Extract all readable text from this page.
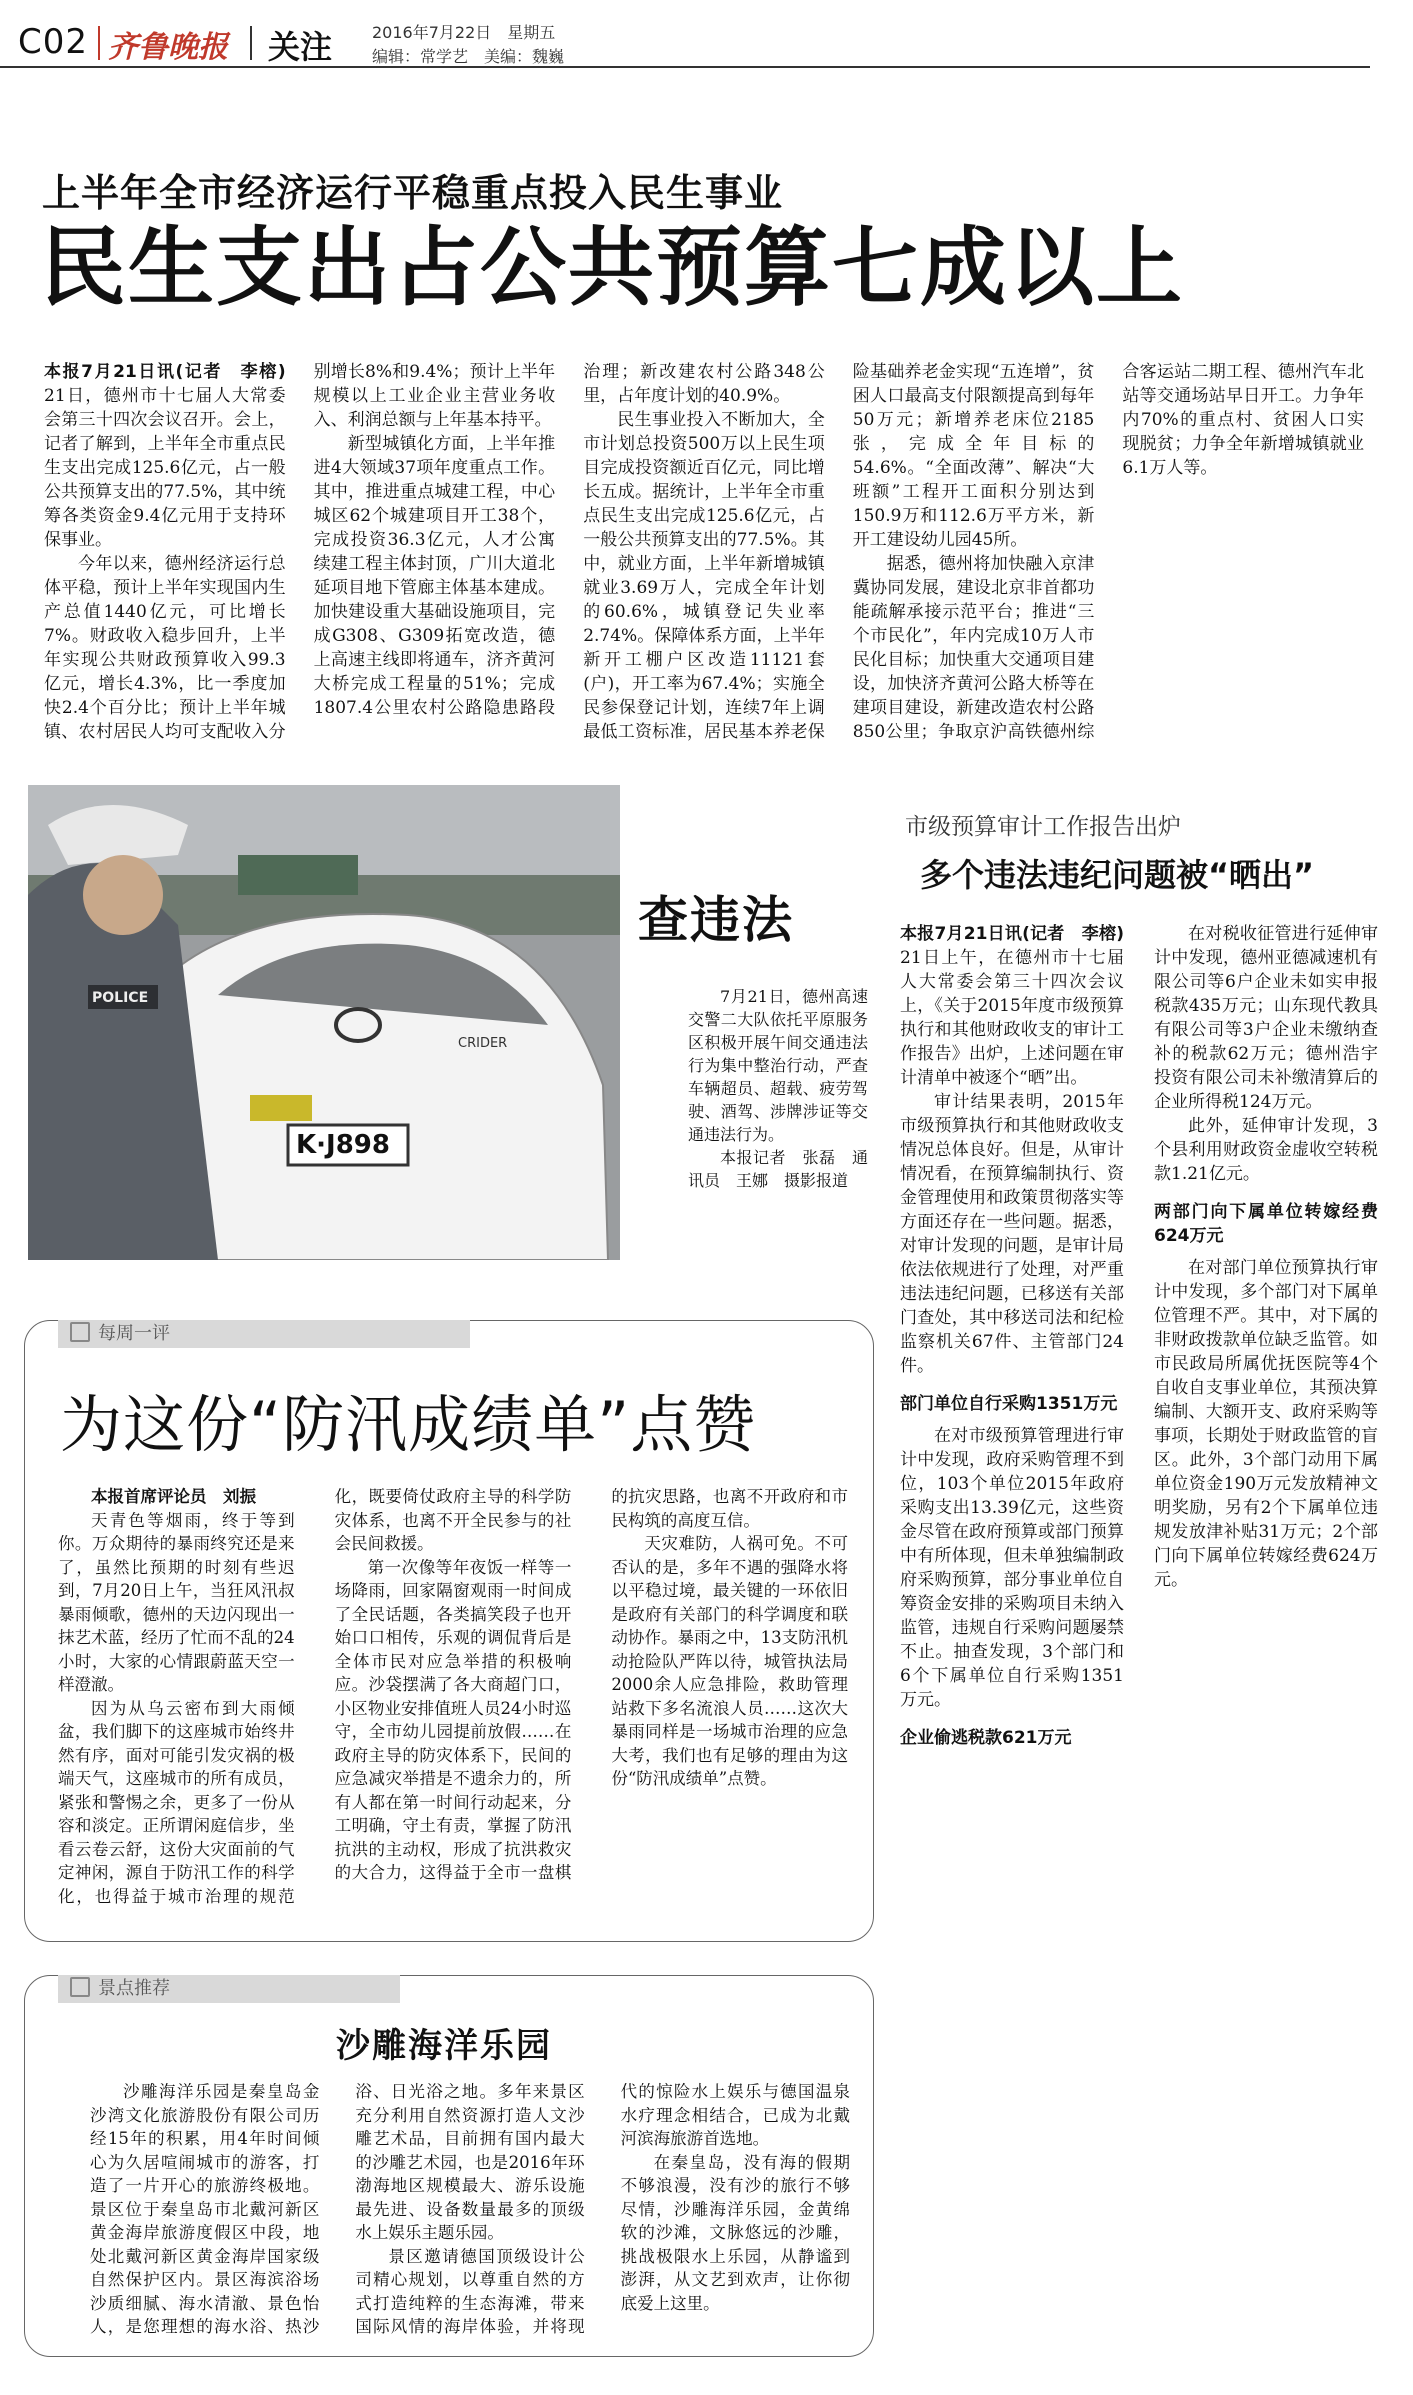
C02 齐鲁晚报 关注 2016年7月22日　星期五
编辑：常学艺　美编：魏巍
上半年全市经济运行平稳重点投入民生事业
民生支出占公共预算七成以上

本报7月21日讯(记者　李榕) 21日，德州市十七届人大常委会第三十四次会议召开。会上，记者了解到，上半年全市重点民生支出完成125.6亿元，占一般公共预算支出的77.5%，其中统筹各类资金9.4亿元用于支持环保事业。

今年以来，德州经济运行总体平稳，预计上半年实现国内生产总值1440亿元，可比增长7%。财政收入稳步回升，上半年实现公共财政预算收入99.3亿元，增长4.3%，比一季度加快2.4个百分比；预计上半年城镇、农村居民人均可支配收入分别增长8%和9.4%；预计上半年规模以上工业企业主营业务收入、利润总额与上年基本持平。

新型城镇化方面，上半年推进4大领域37项年度重点工作。其中，推进重点城建工程，中心城区62个城建项目开工38个，完成投资36.3亿元，人才公寓续建工程主体封顶，广川大道北延项目地下管廊主体基本建成。加快建设重大基础设施项目，完成G308、G309拓宽改造，德上高速主线即将通车，济齐黄河大桥完成工程量的51%；完成1807.4公里农村公路隐患路段治理；新改建农村公路348公里，占年度计划的40.9%。

民生事业投入不断加大，全市计划总投资500万以上民生项目完成投资额近百亿元，同比增长五成。据统计，上半年全市重点民生支出完成125.6亿元，占一般公共预算支出的77.5%。其中，就业方面，上半年新增城镇就业3.69万人，完成全年计划的60.6%，城镇登记失业率2.74%。保障体系方面，上半年新开工棚户区改造11121套(户)，开工率为67.4%；实施全民参保登记计划，连续7年上调最低工资标准，居民基本养老保险基础养老金实现“五连增”，贫困人口最高支付限额提高到每年50万元；新增养老床位2185张，完成全年目标的54.6%。“全面改薄”、解决“大班额”工程开工面积分别达到150.9万和112.6万平方米，新开工建设幼儿园45所。

据悉，德州将加快融入京津冀协同发展，建设北京非首都功能疏解承接示范平台；推进“三个市民化”，年内完成10万人市民化目标；加快重大交通项目建设，加快济齐黄河公路大桥等在建项目建设，新建改造农村公路850公里；争取京沪高铁德州综合客运站二期工程、德州汽车北站等交通场站早日开工。力争年内70%的重点村、贫困人口实现脱贫；力争全年新增城镇就业6.1万人等。

K·J898
CRIDER
POLICE
查违法

7月21日，德州高速交警二大队依托平原服务区积极开展午间交通违法行为集中整治行动，严查车辆超员、超载、疲劳驾驶、酒驾、涉牌涉证等交通违法行为。

本报记者　张磊　通讯员　王娜　摄影报道

市级预算审计工作报告出炉
多个违法违纪问题被“晒出”

本报7月21日讯(记者　李榕) 21日上午，在德州市十七届人大常委会第三十四次会议上，《关于2015年度市级预算执行和其他财政收支的审计工作报告》出炉，上述问题在审计清单中被逐个“晒”出。

审计结果表明，2015年市级预算执行和其他财政收支情况总体良好。但是，从审计情况看，在预算编制执行、资金管理使用和政策贯彻落实等方面还存在一些问题。据悉，对审计发现的问题，是审计局依法依规进行了处理，对严重违法违纪问题，已移送有关部门查处，其中移送司法和纪检监察机关67件、主管部门24件。

部门单位自行采购1351万元

在对市级预算管理进行审计中发现，政府采购管理不到位，103个单位2015年政府采购支出13.39亿元，这些资金尽管在政府预算或部门预算中有所体现，但未单独编制政府采购预算，部分事业单位自筹资金安排的采购项目未纳入监管，违规自行采购问题屡禁不止。抽查发现，3个部门和6个下属单位自行采购1351万元。

企业偷逃税款621万元

在对税收征管进行延伸审计中发现，德州亚德减速机有限公司等6户企业未如实申报税款435万元；山东现代教具有限公司等3户企业未缴纳查补的税款62万元；德州浩宇投资有限公司未补缴清算后的企业所得税124万元。

此外，延伸审计发现，3个县利用财政资金虚收空转税款1.21亿元。

两部门向下属单位转嫁经费624万元

在对部门单位预算执行审计中发现，多个部门对下属单位管理不严。其中，对下属的非财政拨款单位缺乏监管。如市民政局所属优抚医院等4个自收自支事业单位，其预决算编制、大额开支、政府采购等事项，长期处于财政监管的盲区。此外，3个部门动用下属单位资金190万元发放精神文明奖励，另有2个下属单位违规发放津补贴31万元；2个部门向下属单位转嫁经费624万元。

每周一评
为这份“防汛成绩单”点赞

本报首席评论员　刘振

天青色等烟雨，终于等到你。万众期待的暴雨终究还是来了，虽然比预期的时刻有些迟到，7月20日上午，当狂风汛叔暴雨倾歌，德州的天边闪现出一抹艺术蓝，经历了忙而不乱的24小时，大家的心情跟蔚蓝天空一样澄澈。

因为从乌云密布到大雨倾盆，我们脚下的这座城市始终井然有序，面对可能引发灾祸的极端天气，这座城市的所有成员，紧张和警惕之余，更多了一份从容和淡定。正所谓闲庭信步，坐看云卷云舒，这份大灾面前的气定神闲，源自于防汛工作的科学化，也得益于城市治理的规范化，既要倚仗政府主导的科学防灾体系，也离不开全民参与的社会民间救援。

第一次像等年夜饭一样等一场降雨，回家隔窗观雨一时间成了全民话题，各类搞笑段子也开始口口相传，乐观的调侃背后是全体市民对应急举措的积极响应。沙袋摆满了各大商超门口，小区物业安排值班人员24小时巡守，全市幼儿园提前放假……在政府主导的防灾体系下，民间的应急减灾举措是不遗余力的，所有人都在第一时间行动起来，分工明确，守土有责，掌握了防汛抗洪的主动权，形成了抗洪救灾的大合力，这得益于全市一盘棋的抗灾思路，也离不开政府和市民构筑的高度互信。

天灾难防，人祸可免。不可否认的是，多年不遇的强降水将以平稳过境，最关键的一环依旧是政府有关部门的科学调度和联动协作。暴雨之中，13支防汛机动抢险队严阵以待，城管执法局2000余人应急排险，救助管理站救下多名流浪人员……这次大暴雨同样是一场城市治理的应急大考，我们也有足够的理由为这份“防汛成绩单”点赞。

景点推荐
沙雕海洋乐园

沙雕海洋乐园是秦皇岛金沙湾文化旅游股份有限公司历经15年的积累，用4年时间倾心为久居喧闹城市的游客，打造了一片开心的旅游终极地。景区位于秦皇岛市北戴河新区黄金海岸旅游度假区中段，地处北戴河新区黄金海岸国家级自然保护区内。景区海滨浴场沙质细腻、海水清澈、景色怡人，是您理想的海水浴、热沙浴、日光浴之地。多年来景区充分利用自然资源打造人文沙雕艺术品，目前拥有国内最大的沙雕艺术园，也是2016年环渤海地区规模最大、游乐设施最先进、设备数量最多的顶级水上娱乐主题乐园。

景区邀请德国顶级设计公司精心规划，以尊重自然的方式打造纯粹的生态海滩，带来国际风情的海岸体验，并将现代的惊险水上娱乐与德国温泉水疗理念相结合，已成为北戴河滨海旅游首选地。

在秦皇岛，没有海的假期不够浪漫，没有沙的旅行不够尽情，沙雕海洋乐园，金黄绵软的沙滩，文脉悠远的沙雕，挑战极限水上乐园，从静谧到澎湃，从文艺到欢声，让你彻底爱上这里。
